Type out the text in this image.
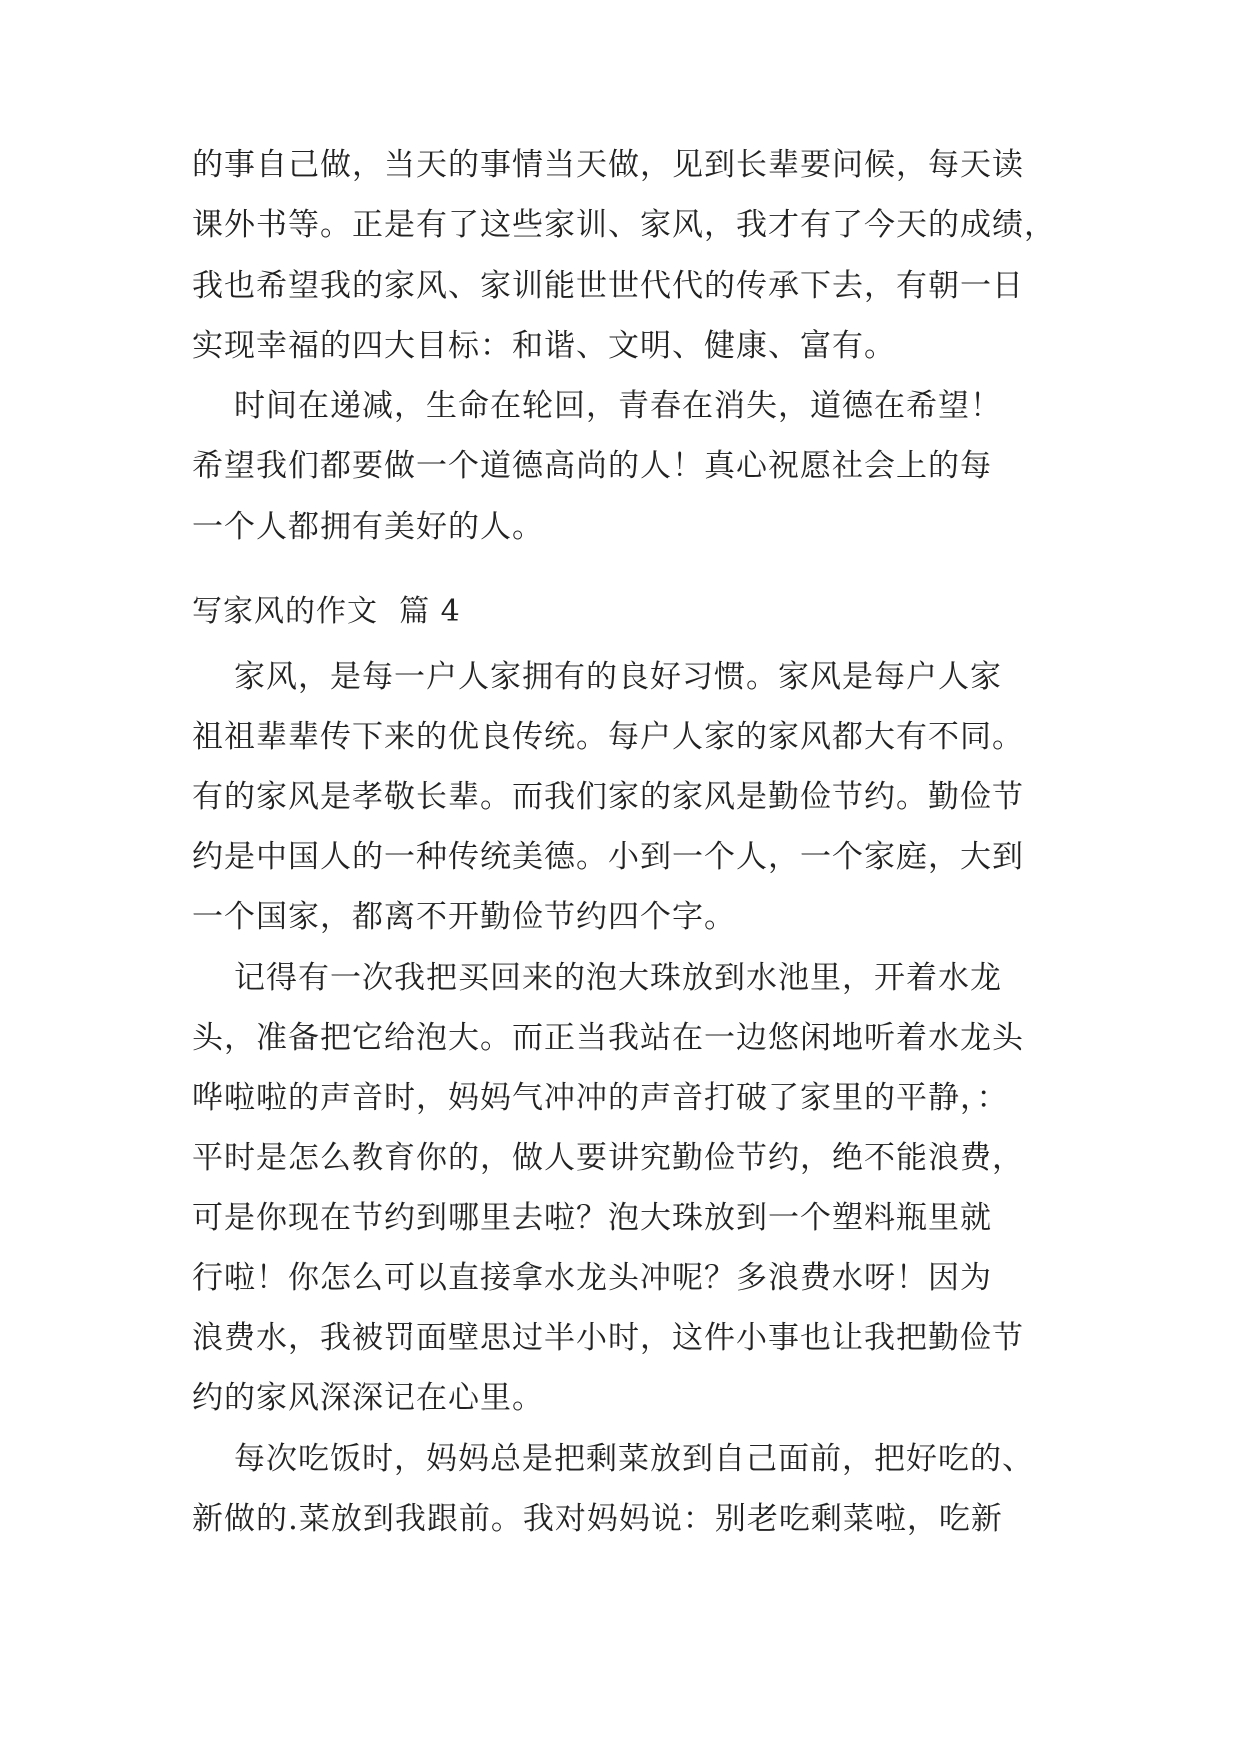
的事自己做，当天的事情当天做，见到长辈要问候，每天读
课外书等。正是有了这些家训、家风，我才有了今天的成绩，
我也希望我的家风、家训能世世代代的传承下去，有朝一日
实现幸福的四大目标：和谐、文明、健康、富有。
时间在递减，生命在轮回，青春在消失，道德在希望！
希望我们都要做一个道德高尚的人！真心祝愿社会上的每
一个人都拥有美好的人。
写家风的作文  篇 4
家风，是每一户人家拥有的良好习惯。家风是每户人家
祖祖辈辈传下来的优良传统。每户人家的家风都大有不同。
有的家风是孝敬长辈。而我们家的家风是勤俭节约。勤俭节
约是中国人的一种传统美德。小到一个人，一个家庭，大到
一个国家，都离不开勤俭节约四个字。
记得有一次我把买回来的泡大珠放到水池里，开着水龙
头，准备把它给泡大。而正当我站在一边悠闲地听着水龙头
哗啦啦的声音时，妈妈气冲冲的声音打破了家里的平静，：
平时是怎么教育你的，做人要讲究勤俭节约，绝不能浪费，
可是你现在节约到哪里去啦？泡大珠放到一个塑料瓶里就
行啦！你怎么可以直接拿水龙头冲呢？多浪费水呀！因为
浪费水，我被罚面壁思过半小时，这件小事也让我把勤俭节
约的家风深深记在心里。
每次吃饭时，妈妈总是把剩菜放到自己面前，把好吃的、
新做的.菜放到我跟前。我对妈妈说：别老吃剩菜啦，吃新
